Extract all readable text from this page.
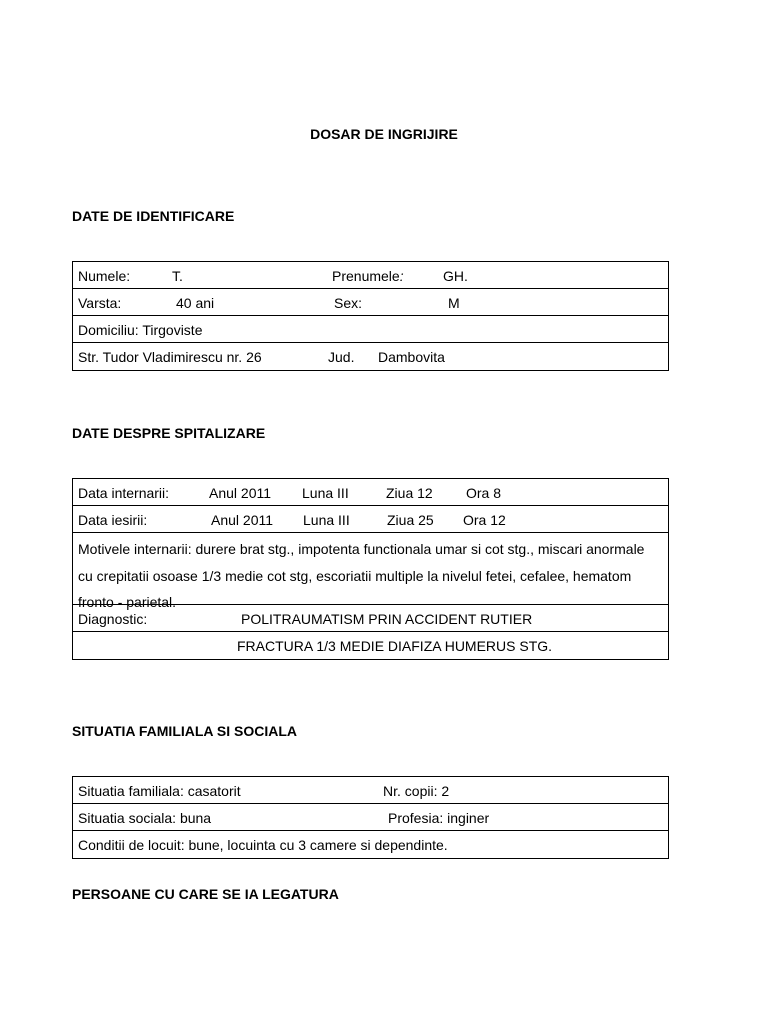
DOSAR DE INGRIJIRE
DATE DE IDENTIFICARE
Numele:	T.	Prenumele:	GH.
Varsta:	40 ani	Sex:	M
Domiciliu: Tirgoviste
Str. Tudor Vladimirescu nr. 26	Jud. Dambovita
DATE DESPRE SPITALIZARE
Data internarii:	Anul 2011 Luna III	Ziua 12 Ora 8
Data iesirii:	Anul 2011 Luna III	Ziua 25 Ora 12
Motivele internarii: durere brat stg., impotenta functionala umar si cot stg., miscari anormale cu crepitatii osoase 1/3 medie cot stg, escoriatii multiple la nivelul fetei, cefalee, hematom fronto - parietal.
Diagnostic:	POLITRAUMATISM PRIN ACCIDENT RUTIER
FRACTURA 1/3 MEDIE DIAFIZA HUMERUS STG.
SITUATIA FAMILIALA SI SOCIALA
Situatia familiala: casatorit	Nr. copii: 2
Situatia sociala: buna	Profesia: inginer
Conditii de locuit: bune, locuinta cu 3 camere si dependinte.
PERSOANE CU CARE SE IA LEGATURA
